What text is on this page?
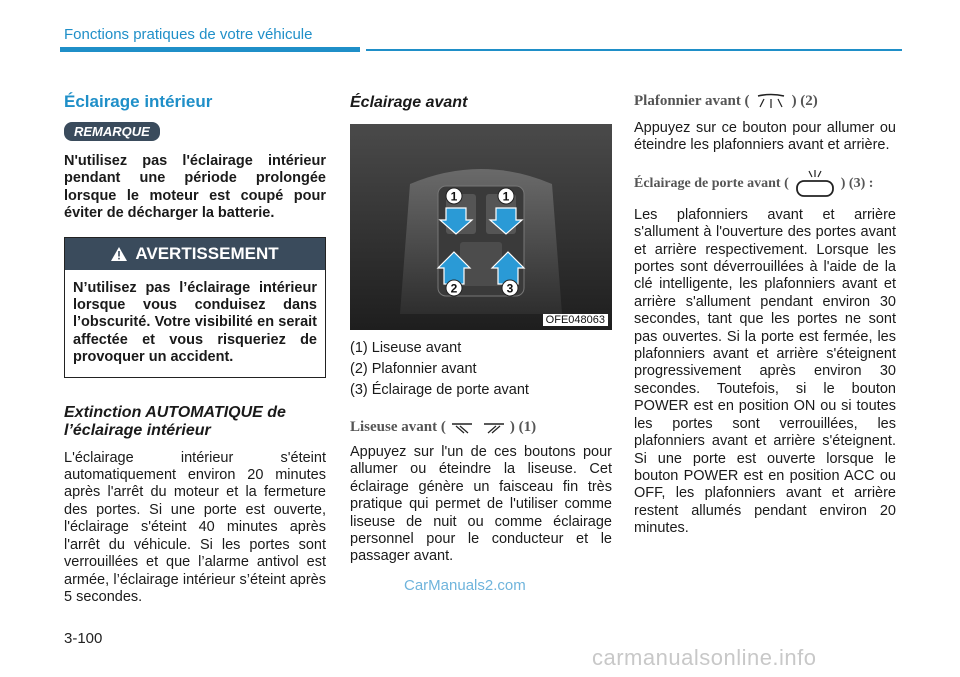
Fonctions pratiques de votre véhicule
Éclairage intérieur
REMARQUE

N'utilisez pas l'éclairage intérieur pendant une période prolongée lorsque le moteur est coupé pour éviter de décharger la batterie.

AVERTISSEMENT
N’utilisez pas l’éclairage intérieur lorsque vous conduisez dans l’obscurité. Votre visibilité en serait affectée et vous risqueriez de provoquer un accident.
Extinction AUTOMATIQUE de l’éclairage intérieur

L'éclairage intérieur s'éteint automatiquement environ 20 minutes après l'arrêt du moteur et la fermeture des portes. Si une porte est ouverte, l'éclairage s'éteint 40 minutes après l'arrêt du véhicule. Si les portes sont verrouillées et que l’alarme antivol est armée, l’éclairage intérieur s’éteint après 5 secondes.

Éclairage avant
1	1
2	3
OFE048063
(1) Liseuse avant
(2) Plafonnier avant
(3) Éclairage de porte avant
Liseuse avant (	) (1)

Appuyez sur l'un de ces boutons pour allumer ou éteindre la liseuse. Cet éclairage génère un faisceau fin très pratique qui permet de l'utiliser comme liseuse de nuit ou comme éclairage personnel pour le conducteur et le passager avant.

Plafonnier avant (	) (2)

Appuyez sur ce bouton pour allumer ou éteindre les plafonniers avant et arrière.

Éclairage de porte avant (	) (3) :

Les plafonniers avant et arrière s'allument à l'ouverture des portes avant et arrière respectivement. Lorsque les portes sont déverrouillées à l'aide de la clé intelligente, les plafonniers avant et arrière s'allument pendant environ 30 secondes, tant que les portes ne sont pas ouvertes. Si la porte est fermée, les plafonniers avant et arrière s'éteignent progressivement après environ 30 secondes. Toutefois, si le bouton POWER est en position ON ou si toutes les portes sont verrouillées, les plafonniers avant et arrière s'éteignent. Si une porte est ouverte lorsque le bouton POWER est en position ACC ou OFF, les plafonniers avant et arrière restent allumés pendant environ 20 minutes.

CarManuals2.com
3-100
carmanualsonline.info
